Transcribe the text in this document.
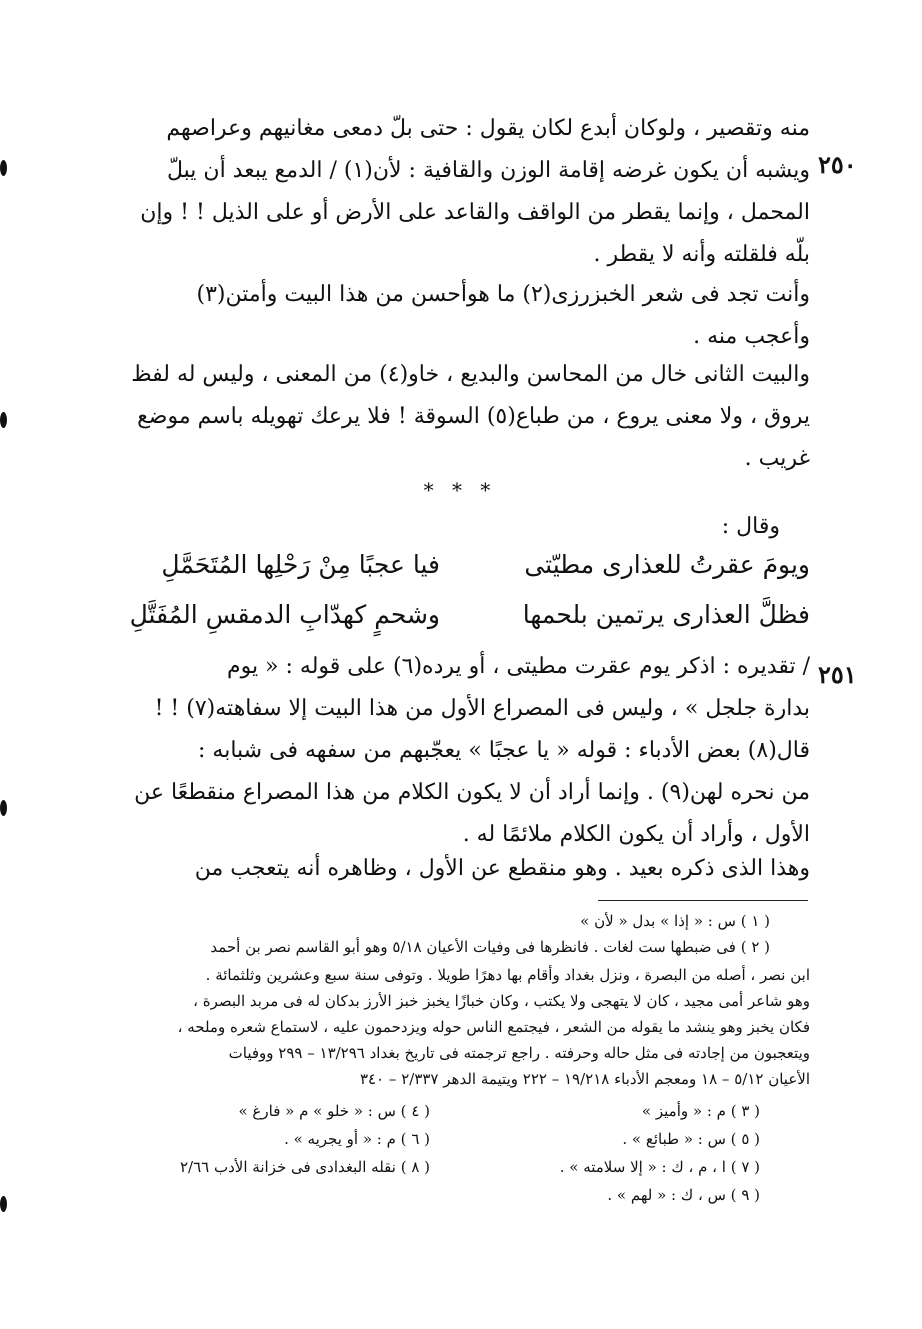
٢٥٠
٢٥١
منه وتقصير ، ولوكان أبدع لكان يقول : حتى بلّ دمعى مغانيهم وعراصهم
ويشبه أن يكون غرضه إقامة الوزن والقافية : لأن(١) / الدمع يبعد أن يبلّ
المحمل ، وإنما يقطر من الواقف والقاعد على الأرض أو على الذيل ! ! وإن
بلّه فلقلته وأنه لا يقطر .
وأنت تجد فى شعر الخبزرزى(٢) ما هوأحسن من هذا البيت وأمتن(٣)
وأعجب منه .
والبيت الثانى خال من المحاسن والبديع ، خاو(٤) من المعنى ، وليس له لفظ
يروق ، ولا معنى يروع ، من طباع(٥) السوقة ! فلا يرعك تهويله باسم موضع
غريب .
* * *
وقال :
ويومَ عقرتُ للعذارى مطيّتى
فيا عجبًا مِنْ رَحْلِها المُتَحَمَّلِ
فظلَّ العذارى يرتمين بلحمها
وشحمٍ كهدّابِ الدمقسِ المُفَتَّلِ
/ تقديره : اذكر يوم عقرت مطيتى ، أو يرده(٦) على قوله : « يوم
بدارة جلجل » ، وليس فى المصراع الأول من هذا البيت إلا سفاهته(٧) ! !
قال(٨) بعض الأدباء : قوله « يا عجبًا » يعجّبهم من سفهه فى شبابه :
من نحره لهن(٩) . وإنما أراد أن لا يكون الكلام من هذا المصراع منقطعًا عن
الأول ، وأراد أن يكون الكلام ملائمًا له .
وهذا الذى ذكره بعيد . وهو منقطع عن الأول ، وظاهره أنه يتعجب من
( ١ ) س : « إذا » بدل « لأن »
( ٢ ) فى ضبطها ست لغات . فانظرها فى وفيات الأعيان ٥/١٨ وهو أبو القاسم نصر بن أحمد
ابن نصر ، أصله من البصرة ، ونزل بغداد وأقام بها دهرًا طويلا . وتوفى سنة سبع وعشرين وثلثمائة .
وهو شاعر أمى مجيد ، كان لا يتهجى ولا يكتب ، وكان خبازًا يخبز خبز الأرز بدكان له فى مربد البصرة ،
فكان يخبز وهو ينشد ما يقوله من الشعر ، فيجتمع الناس حوله ويزدحمون عليه ، لاستماع شعره وملحه ،
ويتعجبون من إجادته فى مثل حاله وحرفته . راجع ترجمته فى تاريخ بغداد ١٣/٢٩٦ – ٢٩٩ ووفيات
الأعيان ٥/١٢ – ١٨ ومعجم الأدباء ١٩/٢١٨ – ٢٢٢ ويتيمة الدهر ٢/٣٣٧ – ٣٤٠
( ٣ ) م : « وأميز »
( ٤ ) س : « خلو » م « فارغ »
( ٥ ) س : « طبائع » .
( ٦ ) م : « أو يجريه » .
( ٧ ) ا ، م ، ك : « إلا سلامته » .
( ٨ ) نقله البغدادى فى خزانة الأدب ٢/٦٦
( ٩ ) س ، ك : « لهم » .
